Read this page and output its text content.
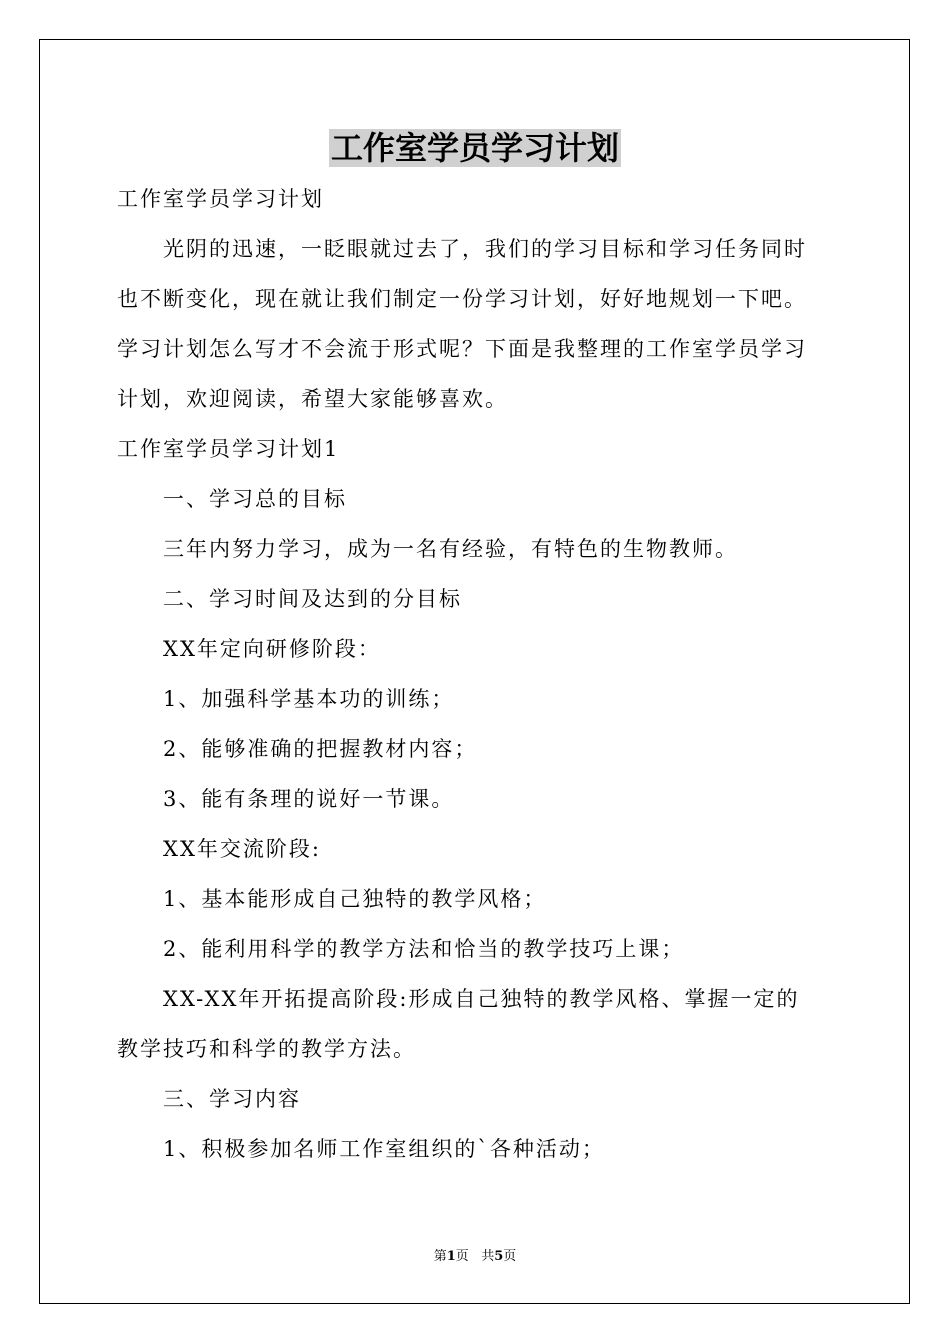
工作室学员学习计划
工作室学员学习计划
光阴的迅速，一眨眼就过去了，我们的学习目标和学习任务同时
也不断变化，现在就让我们制定一份学习计划，好好地规划一下吧。
学习计划怎么写才不会流于形式呢？下面是我整理的工作室学员学习
计划，欢迎阅读，希望大家能够喜欢。
工作室学员学习计划1
一、学习总的目标
三年内努力学习，成为一名有经验，有特色的生物教师。
二、学习时间及达到的分目标
XX年定向研修阶段：
1、加强科学基本功的训练；
2、能够准确的把握教材内容；
3、能有条理的说好一节课。
XX年交流阶段:
1、基本能形成自己独特的教学风格；
2、能利用科学的教学方法和恰当的教学技巧上课；
XX-XX年开拓提高阶段:形成自己独特的教学风格、掌握一定的
教学技巧和科学的教学方法。
三、学习内容
1、积极参加名师工作室组织的`各种活动；
第1页 共5页
